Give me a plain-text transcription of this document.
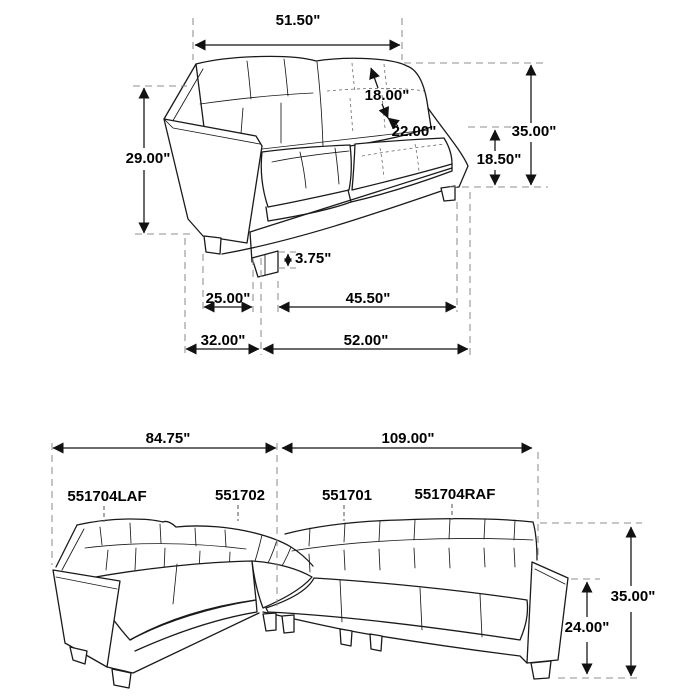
51.50"
29.00"
18.00"
22.00"	35.00"
18.50"
3.75"
25.00"	45.50"
32.00"	52.00"
551704LAF	551702	551701	551704RAF
84.75"	109.00"
35.00"
24.00"
